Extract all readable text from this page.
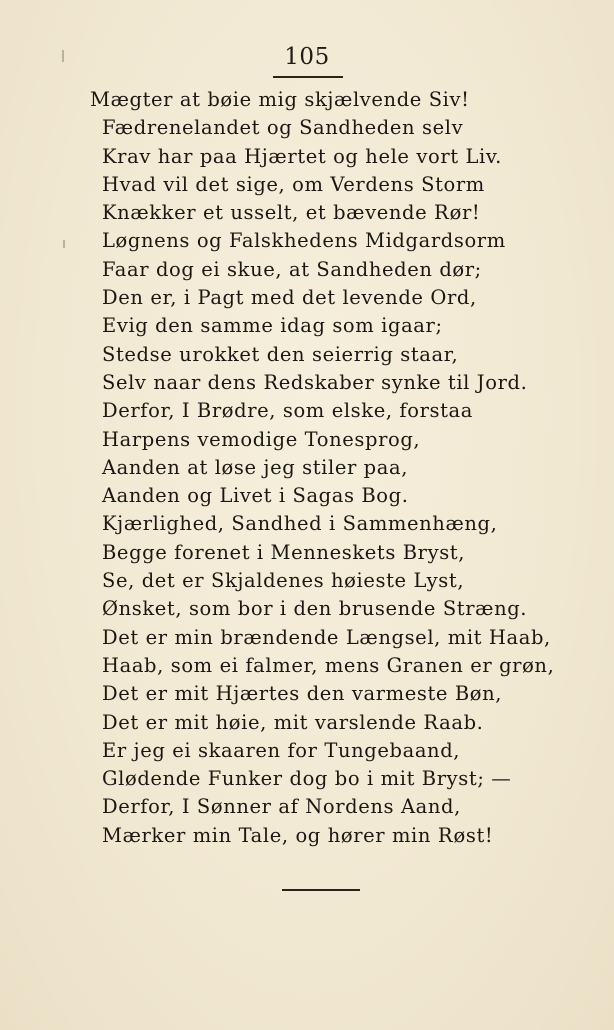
105
Mægter at bøie mig skjælvende Siv!
Fædrenelandet og Sandheden selv
Krav har paa Hjærtet og hele vort Liv.
Hvad vil det sige, om Verdens Storm
Knækker et usselt, et bævende Rør!
Løgnens og Falskhedens Midgardsorm
Faar dog ei skue, at Sandheden dør;
Den er, i Pagt med det levende Ord,
Evig den samme idag som igaar;
Stedse urokket den seierrig staar,
Selv naar dens Redskaber synke til Jord.
Derfor, I Brødre, som elske, forstaa
Harpens vemodige Tonesprog,
Aanden at løse jeg stiler paa,
Aanden og Livet i Sagas Bog.
Kjærlighed, Sandhed i Sammenhæng,
Begge forenet i Menneskets Bryst,
Se, det er Skjaldenes høieste Lyst,
Ønsket, som bor i den brusende Stræng.
Det er min brændende Længsel, mit Haab,
Haab, som ei falmer, mens Granen er grøn,
Det er mit Hjærtes den varmeste Bøn,
Det er mit høie, mit varslende Raab.
Er jeg ei skaaren for Tungebaand,
Glødende Funker dog bo i mit Bryst; —
Derfor, I Sønner af Nordens Aand,
Mærker min Tale, og hører min Røst!
